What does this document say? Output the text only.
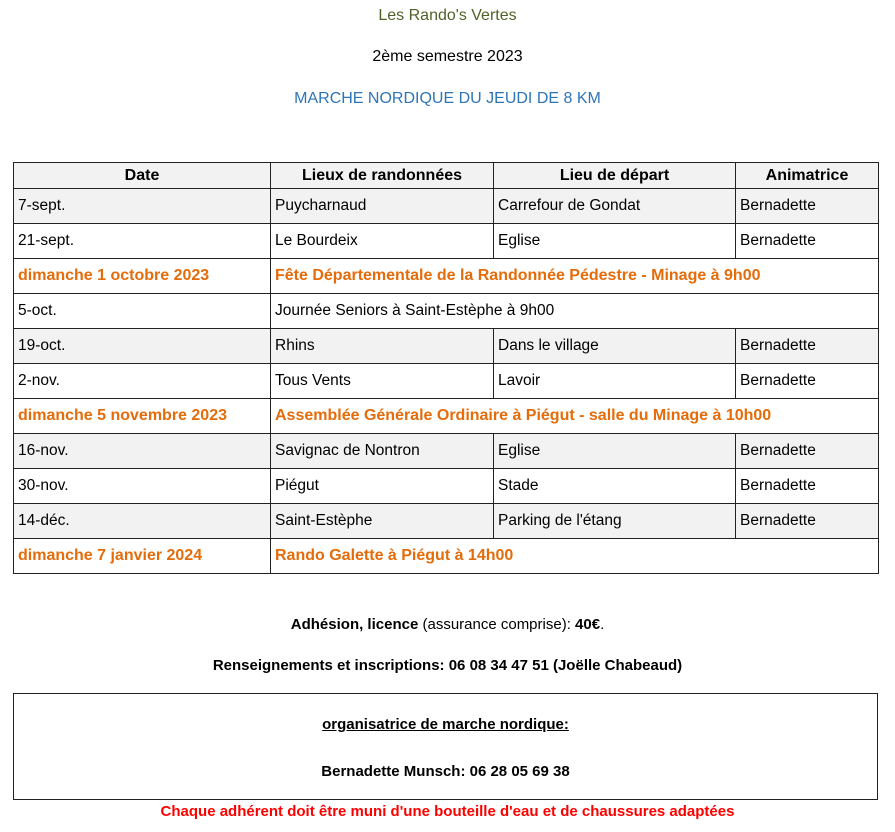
Les Rando's Vertes
2ème semestre 2023
MARCHE NORDIQUE DU JEUDI DE 8 KM
Date	Lieux de randonnées	Lieu de départ	Animatrice
7-sept.	Puycharnaud	Carrefour de Gondat	Bernadette
21-sept.	Le Bourdeix	Eglise	Bernadette
dimanche 1 octobre 2023	Fête Départementale de la Randonnée Pédestre - Minage à 9h00		
5-oct.	Journée Seniors à Saint-Estèphe à 9h00		
19-oct.	Rhins	Dans le village	Bernadette
2-nov.	Tous Vents	Lavoir	Bernadette
dimanche 5 novembre 2023	Assemblée Générale Ordinaire à Piégut - salle du Minage à 10h00		
16-nov.	Savignac de Nontron	Eglise	Bernadette
30-nov.	Piégut	Stade	Bernadette
14-déc.	Saint-Estèphe	Parking de l'étang	Bernadette
dimanche 7 janvier 2024	Rando Galette à Piégut à 14h00		
Adhésion, licence (assurance comprise): 40€.
Renseignements et inscriptions: 06 08 34 47 51 (Joëlle Chabeaud)
organisatrice de marche nordique:
Bernadette Munsch: 06 28 05 69 38
Chaque adhérent doit être muni d'une bouteille d'eau et de chaussures adaptées
